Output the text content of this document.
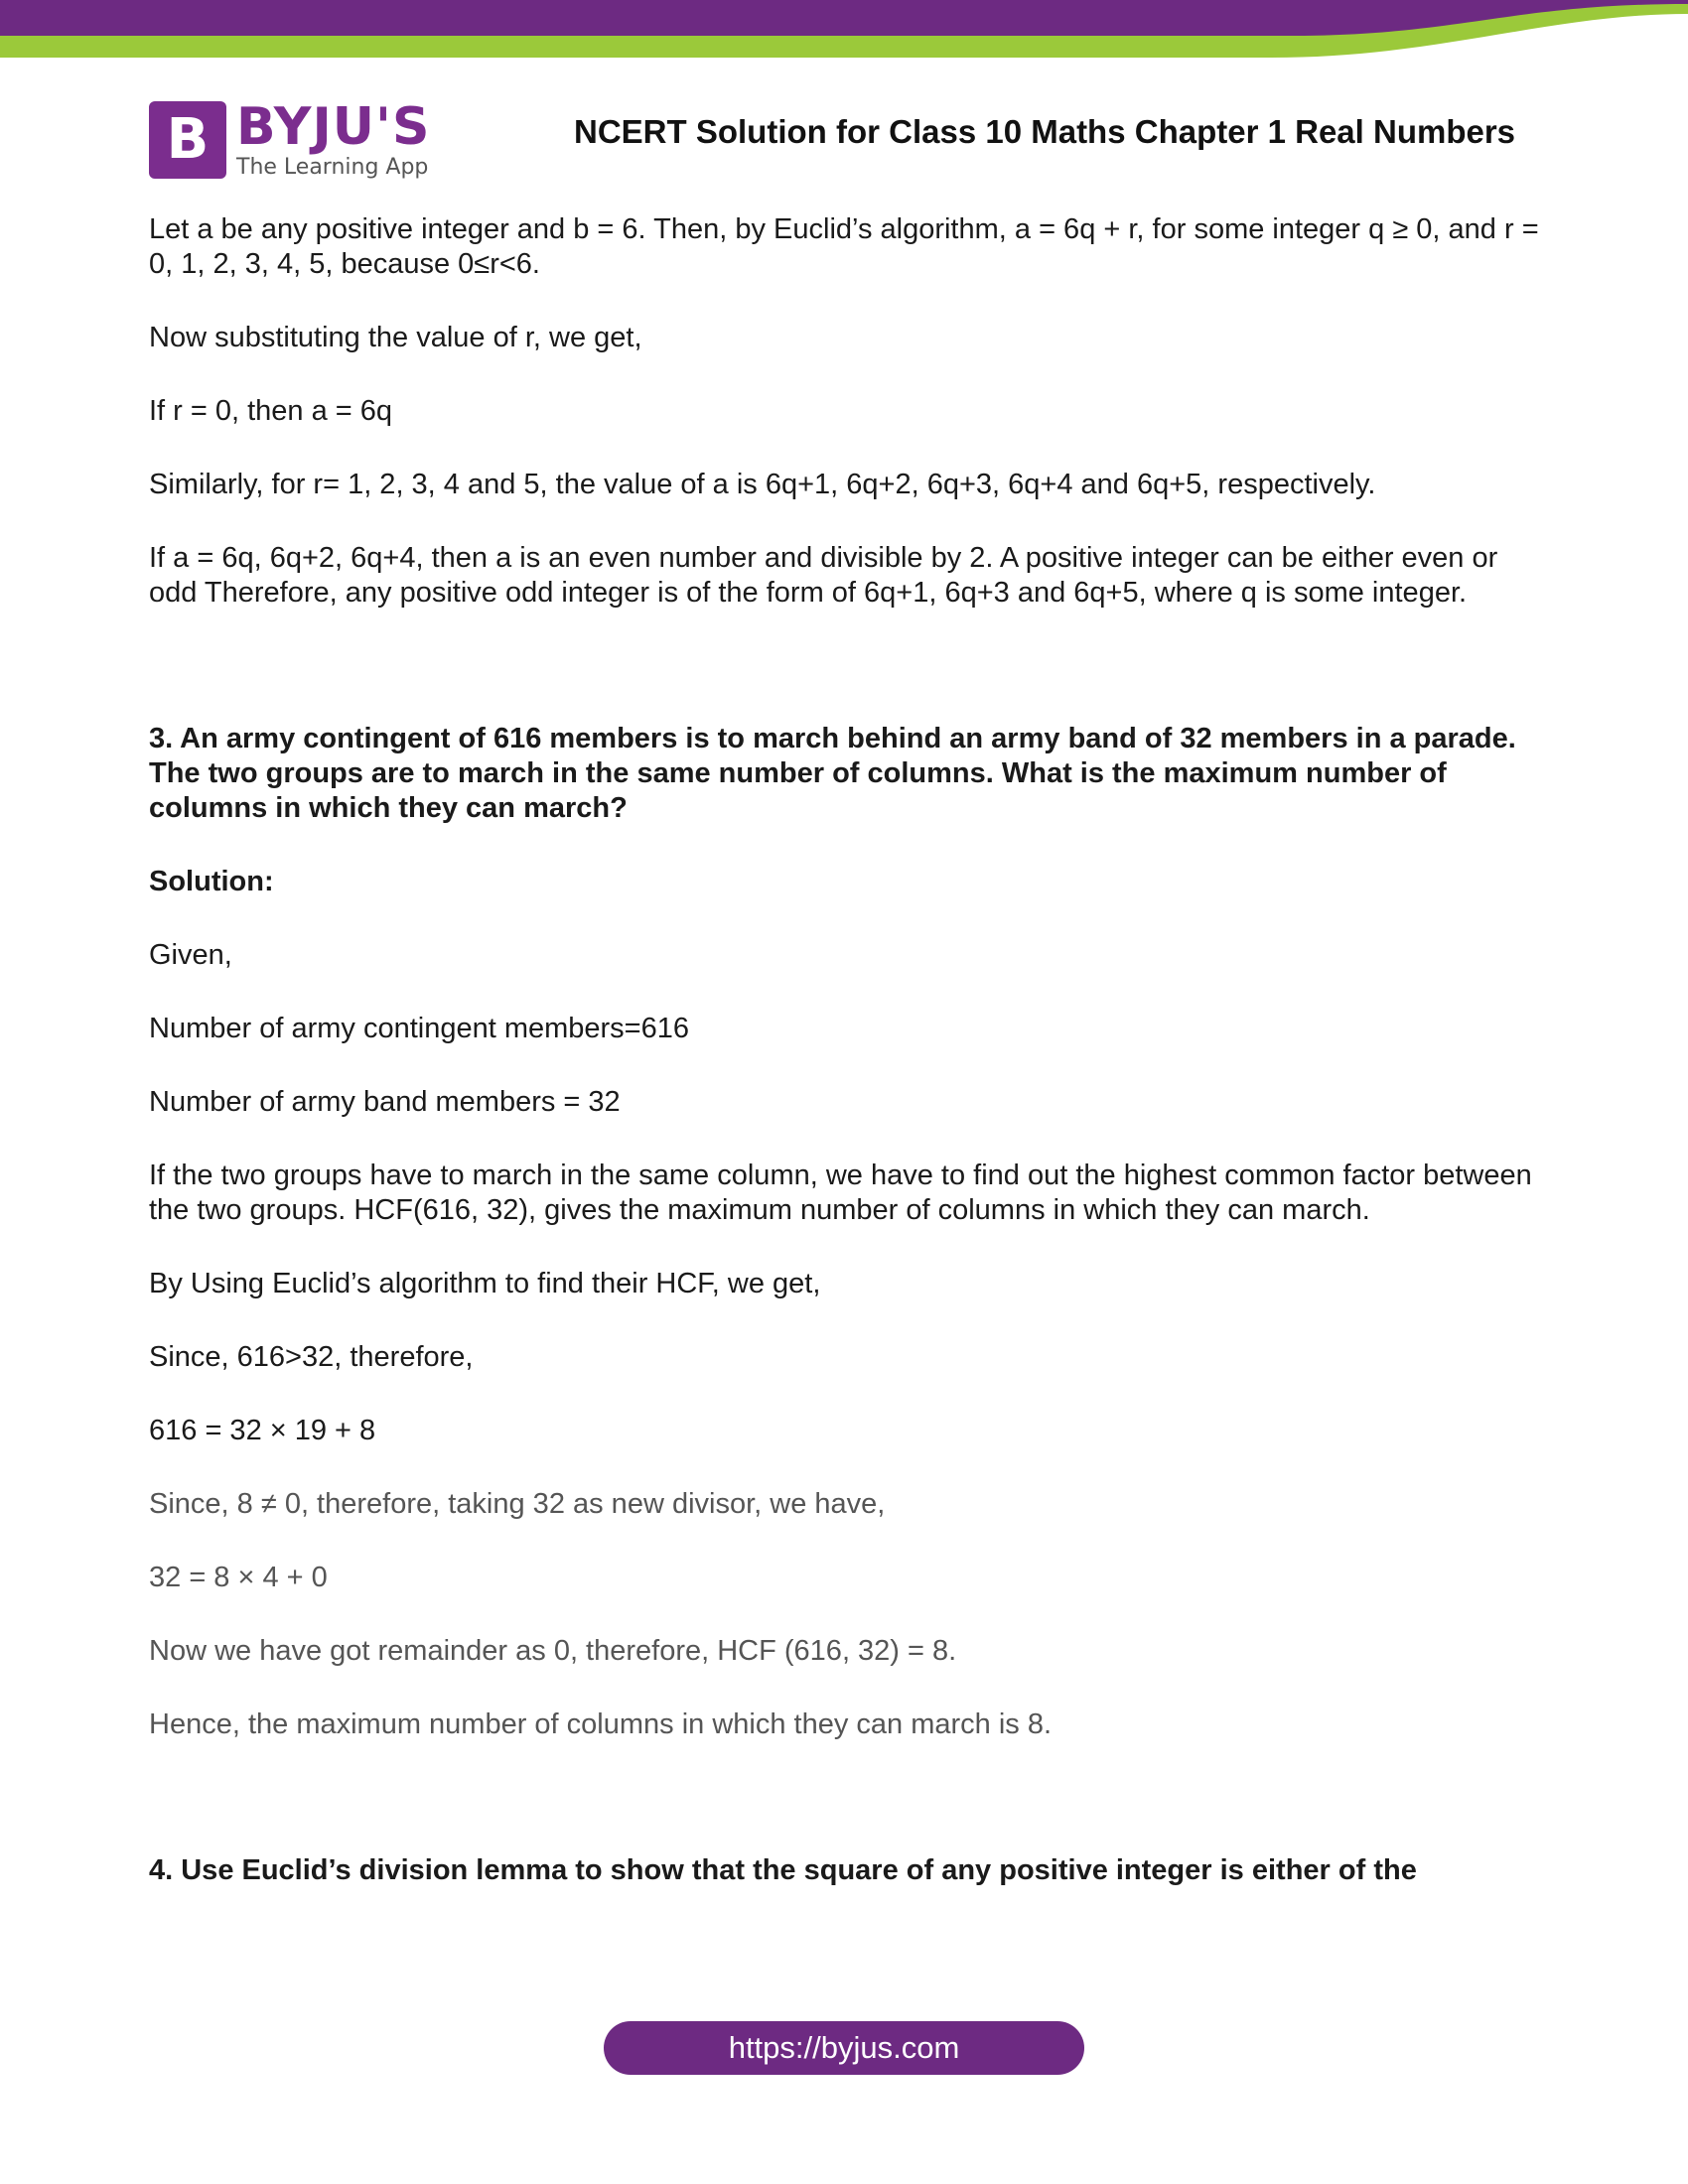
B BYJU'S
The Learning App
NCERT Solution for Class 10 Maths Chapter 1 Real Numbers

Let a be any positive integer and b = 6. Then, by Euclid’s algorithm, a = 6q + r, for some integer q ≥ 0, and r = 0, 1, 2, 3, 4, 5, because 0≤r<6.

Now substituting the value of r, we get,

If r = 0, then a = 6q

Similarly, for r= 1, 2, 3, 4 and 5, the value of a is 6q+1, 6q+2, 6q+3, 6q+4 and 6q+5, respectively.

If a = 6q, 6q+2, 6q+4, then a is an even number and divisible by 2. A positive integer can be either even or odd Therefore, any positive odd integer is of the form of 6q+1, 6q+3 and 6q+5, where q is some integer.

3. An army contingent of 616 members is to march behind an army band of 32 members in a parade. The two groups are to march in the same number of columns. What is the maximum number of columns in which they can march?

Solution:

Given,

Number of army contingent members=616

Number of army band members = 32

If the two groups have to march in the same column, we have to find out the highest common factor between the two groups. HCF(616, 32), gives the maximum number of columns in which they can march.

By Using Euclid’s algorithm to find their HCF, we get,

Since, 616>32, therefore,

616 = 32 × 19 + 8

Since, 8 ≠ 0, therefore, taking 32 as new divisor, we have,

32 = 8 × 4 + 0

Now we have got remainder as 0, therefore, HCF (616, 32) = 8.

Hence, the maximum number of columns in which they can march is 8.

4. Use Euclid’s division lemma to show that the square of any positive integer is either of the

https://byjus.com
